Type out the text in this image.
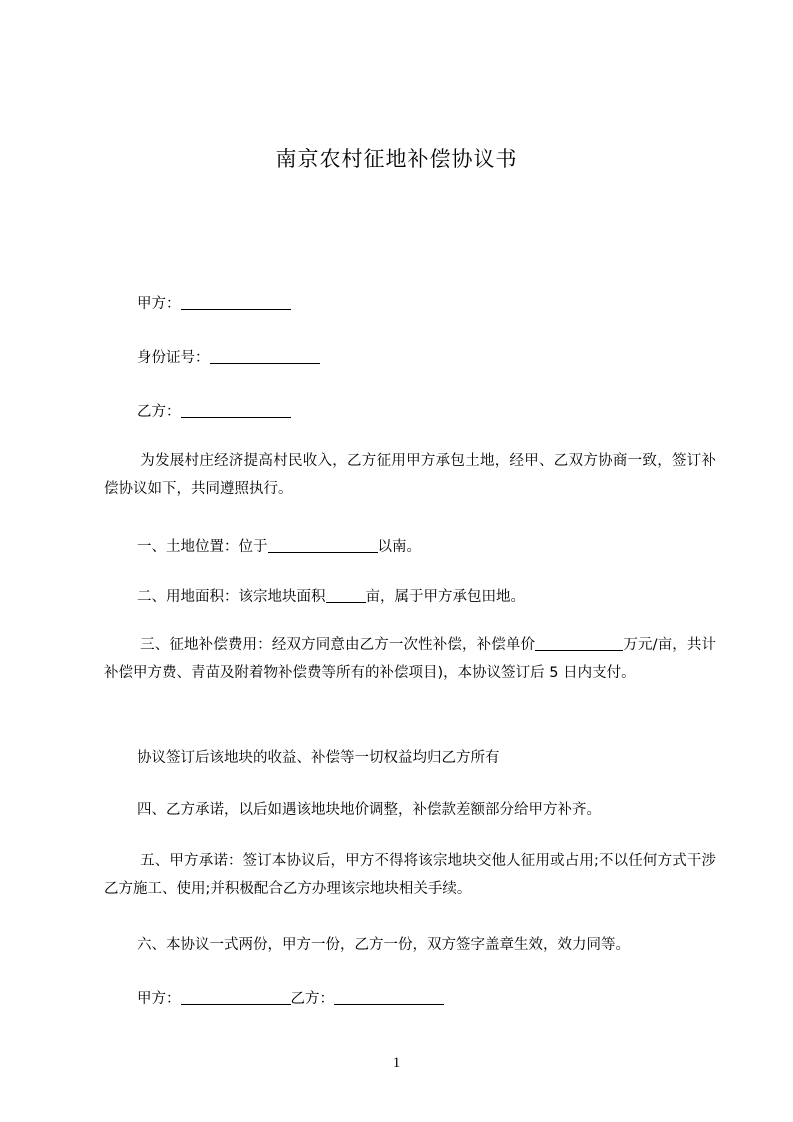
南京农村征地补偿协议书
甲方：
身份证号：
乙方：
为发展村庄经济提高村民收入，乙方征用甲方承包土地，经甲、乙双方协商一致，签订补偿协议如下，共同遵照执行。
一、土地位置：位于	以南。
二、用地面积：该宗地块面积	亩，属于甲方承包田地。
三、征地补偿费用：经双方同意由乙方一次性补偿，补偿单价	万元/亩，共计补偿甲方费、青苗及附着物补偿费等所有的补偿项目)，本协议签订后 5 日内支付。
协议签订后该地块的收益、补偿等一切权益均归乙方所有
四、乙方承诺，以后如遇该地块地价调整，补偿款差额部分给甲方补齐。
五、甲方承诺：签订本协议后，甲方不得将该宗地块交他人征用或占用;不以任何方式干涉乙方施工、使用;并积极配合乙方办理该宗地块相关手续。
六、本协议一式两份，甲方一份，乙方一份，双方签字盖章生效，效力同等。
甲方：	乙方：
1
